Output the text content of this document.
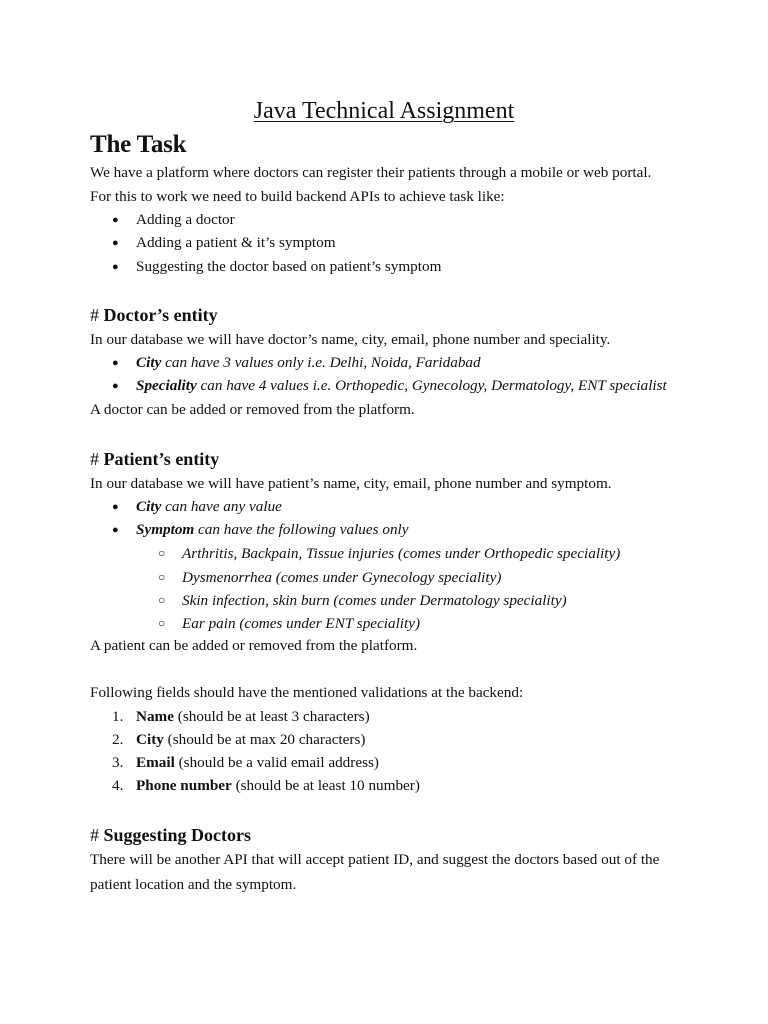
Java Technical Assignment
The Task
We have a platform where doctors can register their patients through a mobile or web portal.
For this to work we need to build backend APIs to achieve task like:
● Adding a doctor
● Adding a patient & it’s symptom
● Suggesting the doctor based on patient’s symptom
# Doctor’s entity
In our database we will have doctor’s name, city, email, phone number and speciality.
● City can have 3 values only i.e. Delhi, Noida, Faridabad
● Speciality can have 4 values i.e. Orthopedic, Gynecology, Dermatology, ENT specialist
A doctor can be added or removed from the platform.
# Patient’s entity
In our database we will have patient’s name, city, email, phone number and symptom.
● City can have any value
● Symptom can have the following values only
○ Arthritis, Backpain, Tissue injuries (comes under Orthopedic speciality)
○ Dysmenorrhea (comes under Gynecology speciality)
○ Skin infection, skin burn (comes under Dermatology speciality)
○ Ear pain (comes under ENT speciality)
A patient can be added or removed from the platform.
Following fields should have the mentioned validations at the backend:
1. Name (should be at least 3 characters)
2. City (should be at max 20 characters)
3. Email (should be a valid email address)
4. Phone number (should be at least 10 number)
# Suggesting Doctors
There will be another API that will accept patient ID, and suggest the doctors based out of the
patient location and the symptom.
